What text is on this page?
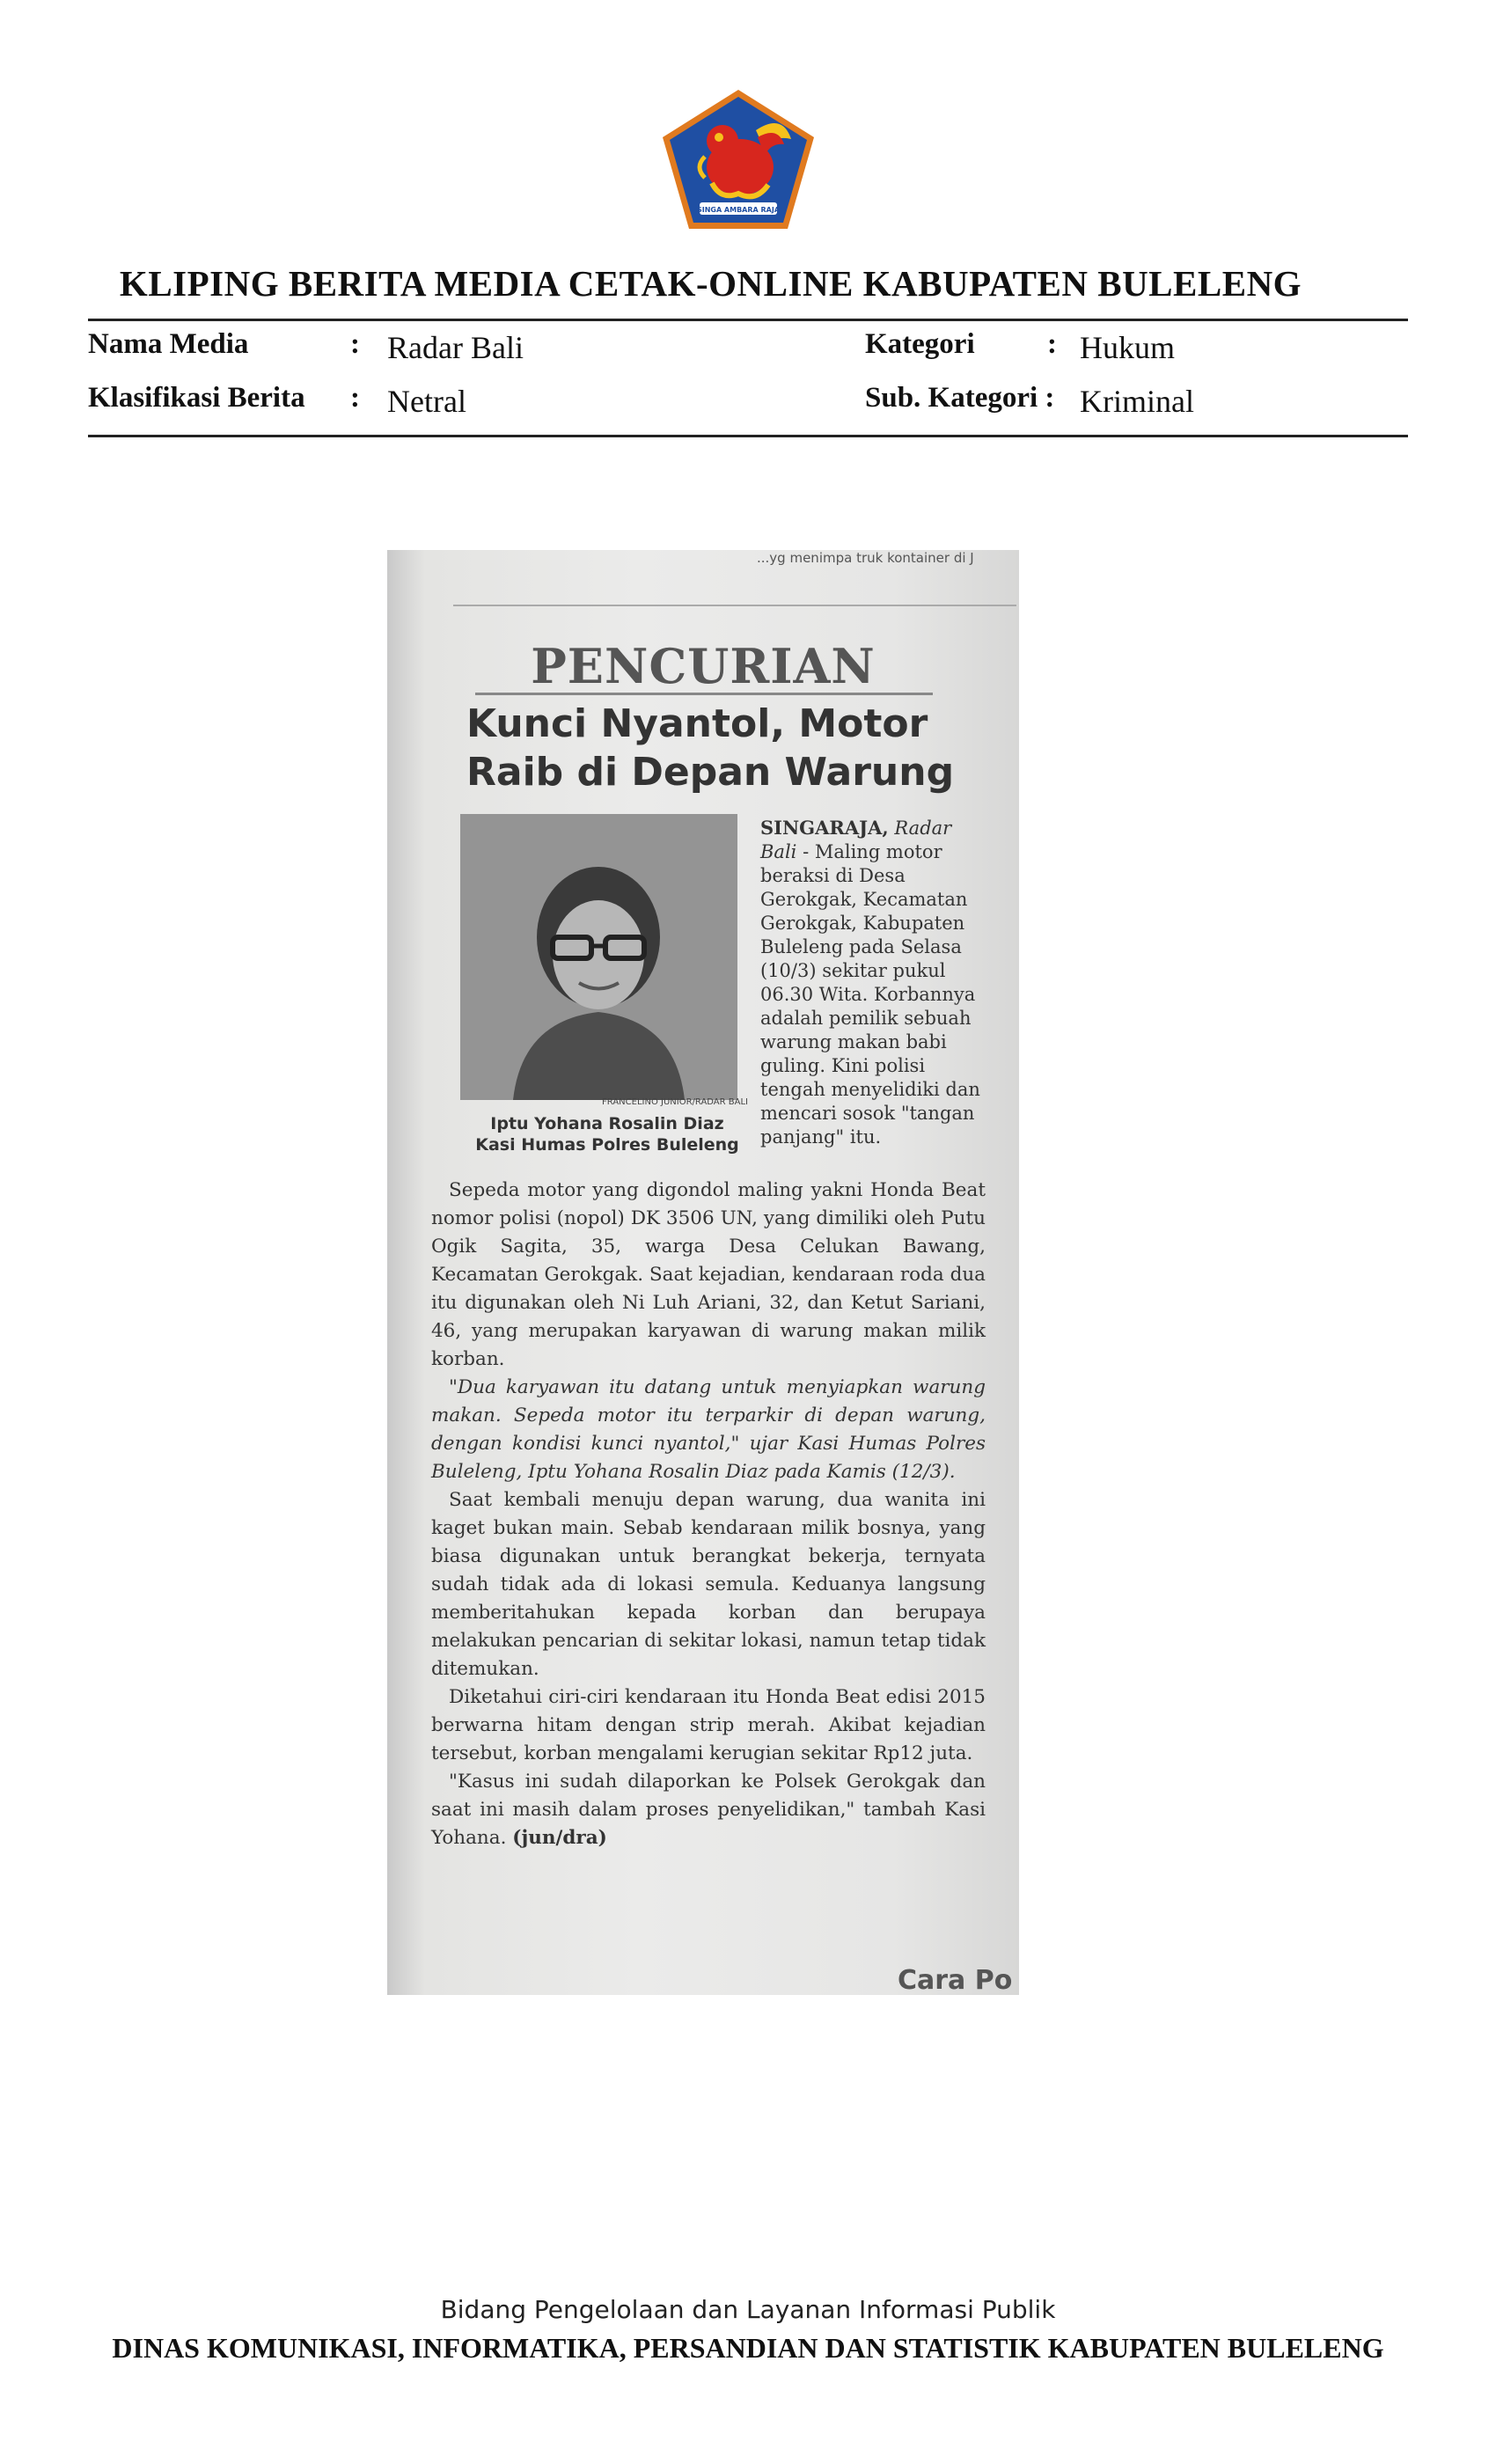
SINGA AMBARA RAJA
KLIPING BERITA MEDIA CETAK-ONLINE KABUPATEN BULELENG
Nama Media	: Radar Bali	Kategori : Hukum
Klasifikasi Berita : Netral	Sub. Kategori : Kriminal
...yg menimpa truk kontainer di J
PENCURIAN
Kunci Nyantol, Motor Raib di Depan Warung
FRANCELINO JUNIOR/RADAR BALI
Iptu Yohana Rosalin Diaz
Kasi Humas Polres Buleleng
SINGARAJA, Radar Bali - Maling motor beraksi di Desa Gerokgak, Kecamatan Gerokgak, Kabupaten Buleleng pada Selasa (10/3) sekitar pukul 06.30 Wita. Korbannya adalah pemilik sebuah warung makan babi guling. Kini polisi tengah menyelidiki dan mencari sosok "tangan panjang" itu.

Sepeda motor yang digondol maling yakni Honda Beat nomor polisi (nopol) DK 3506 UN, yang dimiliki oleh Putu Ogik Sagita, 35, warga Desa Celukan Bawang, Kecamatan Gerokgak. Saat kejadian, kendaraan roda dua itu digunakan oleh Ni Luh Ariani, 32, dan Ketut Sariani, 46, yang merupakan karyawan di warung makan milik korban.

"Dua karyawan itu datang untuk menyiapkan warung makan. Sepeda motor itu terparkir di depan warung, dengan kondisi kunci nyantol," ujar Kasi Humas Polres Buleleng, Iptu Yohana Rosalin Diaz pada Kamis (12/3).

Saat kembali menuju depan warung, dua wanita ini kaget bukan main. Sebab kendaraan milik bosnya, yang biasa digunakan untuk berangkat bekerja, ternyata sudah tidak ada di lokasi semula. Keduanya langsung memberitahukan kepada korban dan berupaya melakukan pencarian di sekitar lokasi, namun tetap tidak ditemukan.

Diketahui ciri-ciri kendaraan itu Honda Beat edisi 2015 berwarna hitam dengan strip merah. Akibat kejadian tersebut, korban mengalami kerugian sekitar Rp12 juta.

"Kasus ini sudah dilaporkan ke Polsek Gerokgak dan saat ini masih dalam proses penyelidikan," tambah Kasi Yohana. (jun/dra)

Cara Po
Bidang Pengelolaan dan Layanan Informasi Publik
DINAS KOMUNIKASI, INFORMATIKA, PERSANDIAN DAN STATISTIK KABUPATEN BULELENG
